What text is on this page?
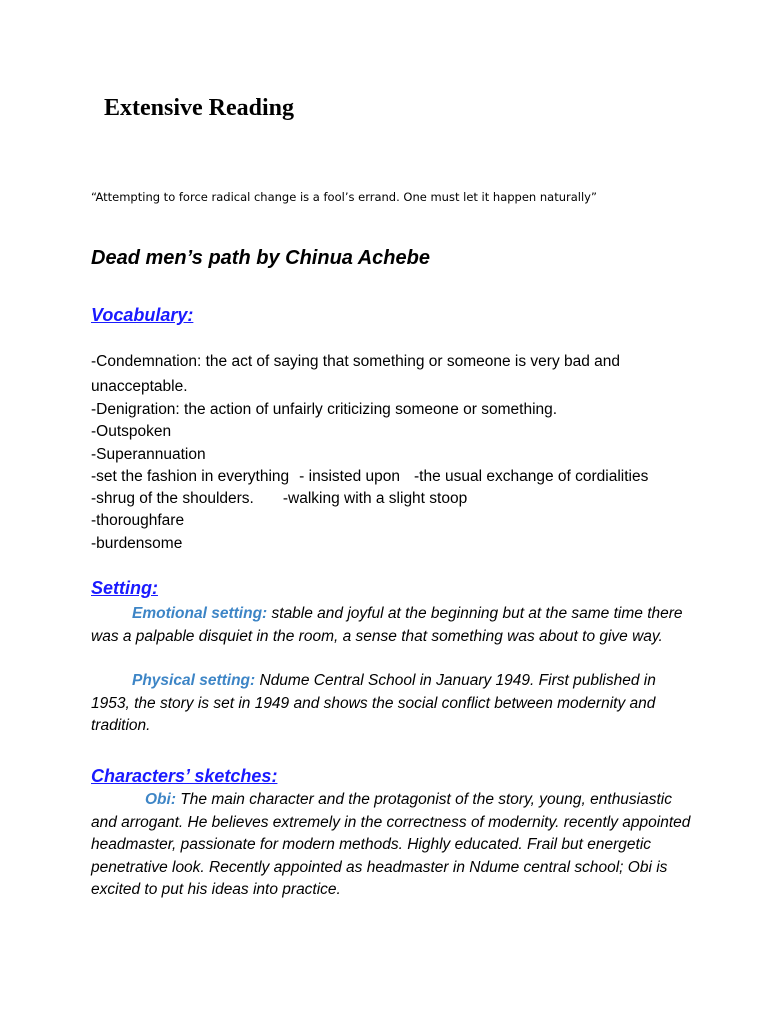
Extensive Reading

“Attempting to force radical change is a fool’s errand. One must let it happen naturally”

Dead men’s path by Chinua Achebe
Vocabulary:
-Condemnation: the act of saying that something or someone is very bad and unacceptable.
-Denigration: the action of unfairly criticizing someone or something.
-Outspoken
-Superannuation
-set the fashion in everything - insisted upon -the usual exchange of cordialities
-shrug of the shoulders. -walking with a slight stoop
-thoroughfare
-burdensome
Setting:

Emotional setting: stable and joyful at the beginning but at the same time there was a palpable disquiet in the room, a sense that something was about to give way.

Physical setting: Ndume Central School in January 1949. First published in 1953, the story is set in 1949 and shows the social conflict between modernity and tradition.

Characters’ sketches:

Obi: The main character and the protagonist of the story, young, enthusiastic and arrogant. He believes extremely in the correctness of modernity. recently appointed headmaster, passionate for modern methods. Highly educated. Frail but energetic penetrative look. Recently appointed as headmaster in Ndume central school; Obi is excited to put his ideas into practice.
